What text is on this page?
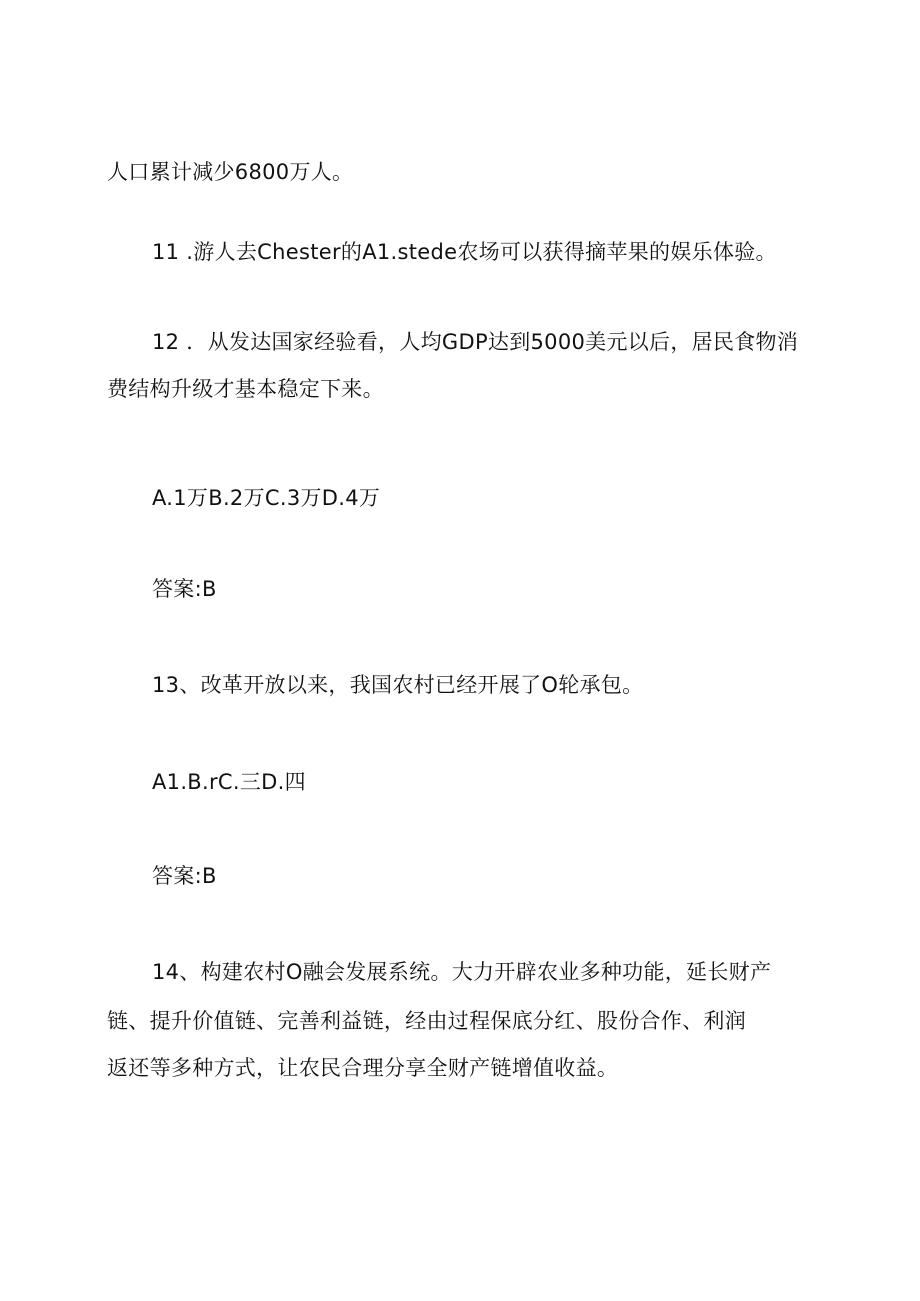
人口累计减少6800万人。
11 .游人去Chester的A1.stede农场可以获得摘苹果的娱乐体验。
12 ．从发达国家经验看，人均GDP达到5000美元以后，居民食物消
费结构升级才基本稳定下来。
A.1万B.2万C.3万D.4万
答案:B
13、改革开放以来，我国农村已经开展了O轮承包。
A1.B.rC.三D.四
答案:B
14、构建农村O融会发展系统。大力开辟农业多种功能，延长财产
链、提升价值链、完善利益链，经由过程保底分红、股份合作、利润
返还等多种方式，让农民合理分享全财产链增值收益。
